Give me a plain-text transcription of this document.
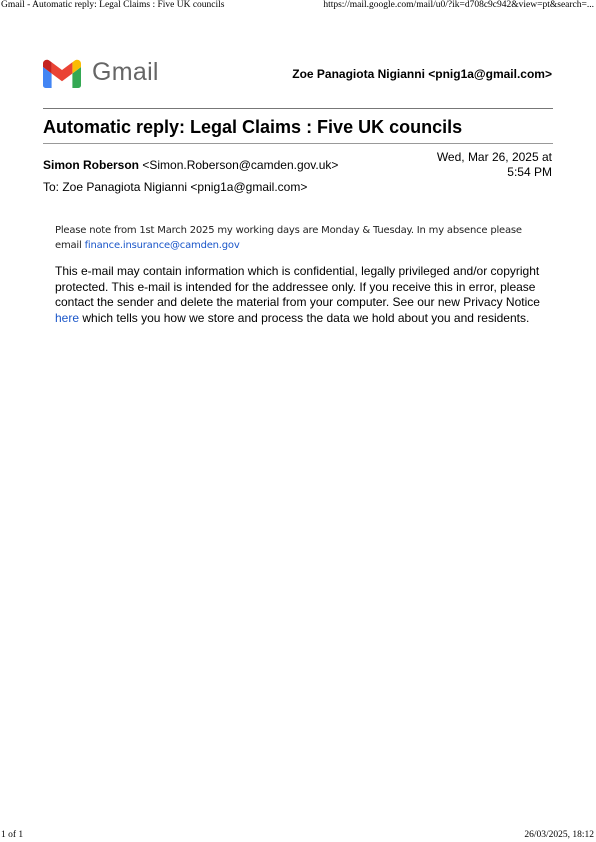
Gmail - Automatic reply: Legal Claims : Five UK councils	https://mail.google.com/mail/u0/?ik=d708c9c942&view=pt&search=...
Gmail	Zoe Panagiota Nigianni <pnig1a@gmail.com>
Automatic reply: Legal Claims : Five UK councils
Simon Roberson <Simon.Roberson@camden.gov.uk>
Wed, Mar 26, 2025 at
5:54 PM
To: Zoe Panagiota Nigianni <pnig1a@gmail.com>
Please note from 1st March 2025 my working days are Monday & Tuesday. In my absence please email finance.insurance@camden.gov
This e-mail may contain information which is confidential, legally privileged and/or copyright protected. This e-mail is intended for the addressee only. If you receive this in error, please contact the sender and delete the material from your computer. See our new Privacy Notice here which tells you how we store and process the data we hold about you and residents.
1 of 1	26/03/2025, 18:12
